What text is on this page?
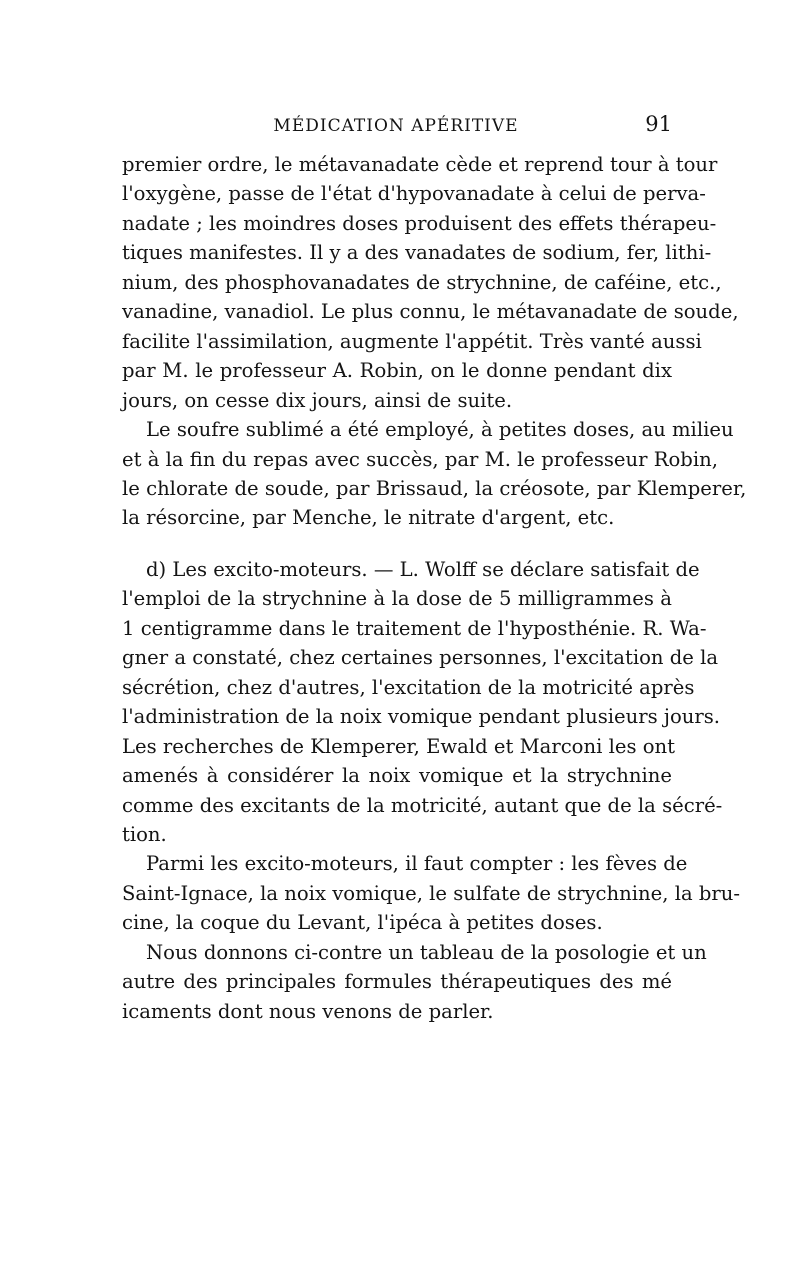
MÉDICATION APÉRITIVE	91

premier ordre, le métavanadate cède et reprend tour à tour
l'oxygène, passe de l'état d'hypovanadate à celui de perva-
nadate ; les moindres doses produisent des effets thérapeu-
tiques manifestes. Il y a des vanadates de sodium, fer, lithi-
nium, des phosphovanadates de strychnine, de caféine, etc.,
vanadine, vanadiol. Le plus connu, le métavanadate de soude,
facilite l'assimilation, augmente l'appétit. Très vanté aussi
par M. le professeur A. Robin, on le donne pendant dix
jours, on cesse dix jours, ainsi de suite.

Le soufre sublimé a été employé, à petites doses, au milieu
et à la fin du repas avec succès, par M. le professeur Robin,
le chlorate de soude, par Brissaud, la créosote, par Klemperer,
la résorcine, par Menche, le nitrate d'argent, etc.

d) Les excito-moteurs. — L. Wolff se déclare satisfait de
l'emploi de la strychnine à la dose de 5 milligrammes à
1 centigramme dans le traitement de l'hyposthénie. R. Wa-
gner a constaté, chez certaines personnes, l'excitation de la
sécrétion, chez d'autres, l'excitation de la motricité après
l'administration de la noix vomique pendant plusieurs jours.
Les recherches de Klemperer, Ewald et Marconi les ont
amenés à considérer la noix vomique et la strychnine
comme des excitants de la motricité, autant que de la sécré-
tion.

Parmi les excito-moteurs, il faut compter : les fèves de
Saint-Ignace, la noix vomique, le sulfate de strychnine, la bru-
cine, la coque du Levant, l'ipéca à petites doses.

Nous donnons ci-contre un tableau de la posologie et un
autre des principales formules thérapeutiques des mé icaments dont nous venons de parler.
